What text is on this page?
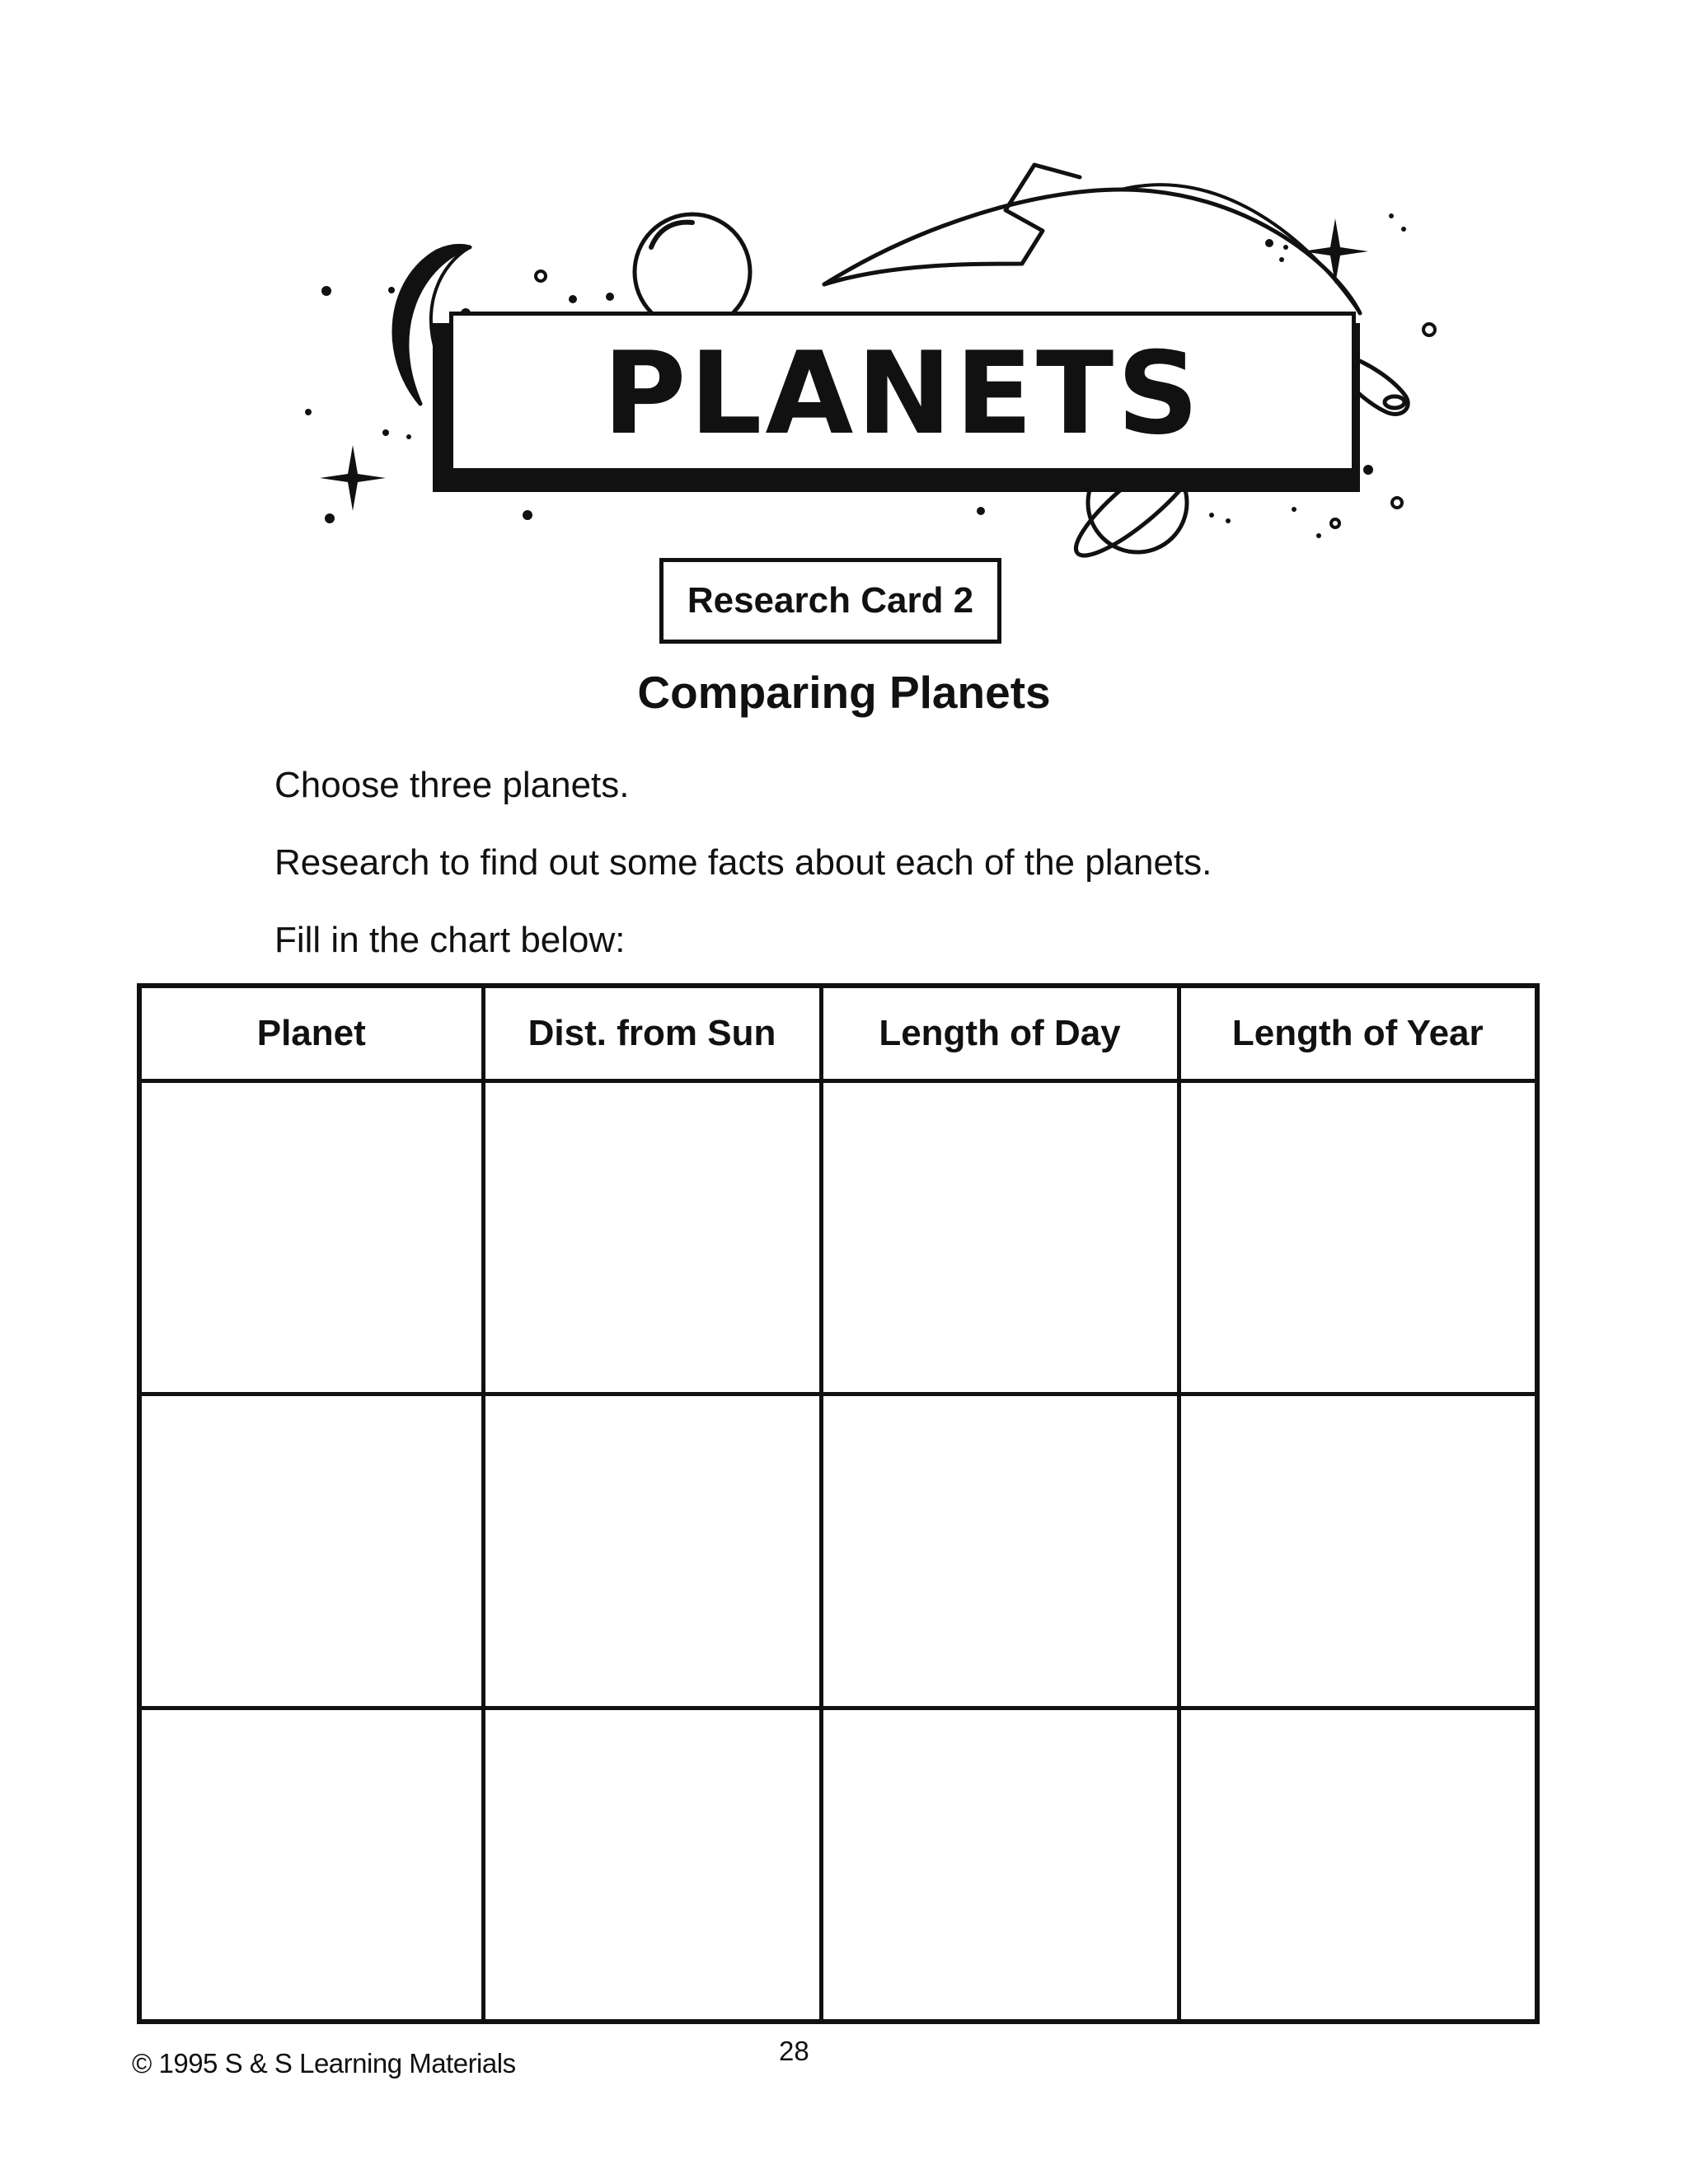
PLANETS
Research Card 2
Comparing Planets
Choose three planets.
Research to find out some facts about each of the planets.
Fill in the chart below:
Planet	Dist. from Sun	Length of Day	Length of Year

© 1995 S & S Learning Materials	28
